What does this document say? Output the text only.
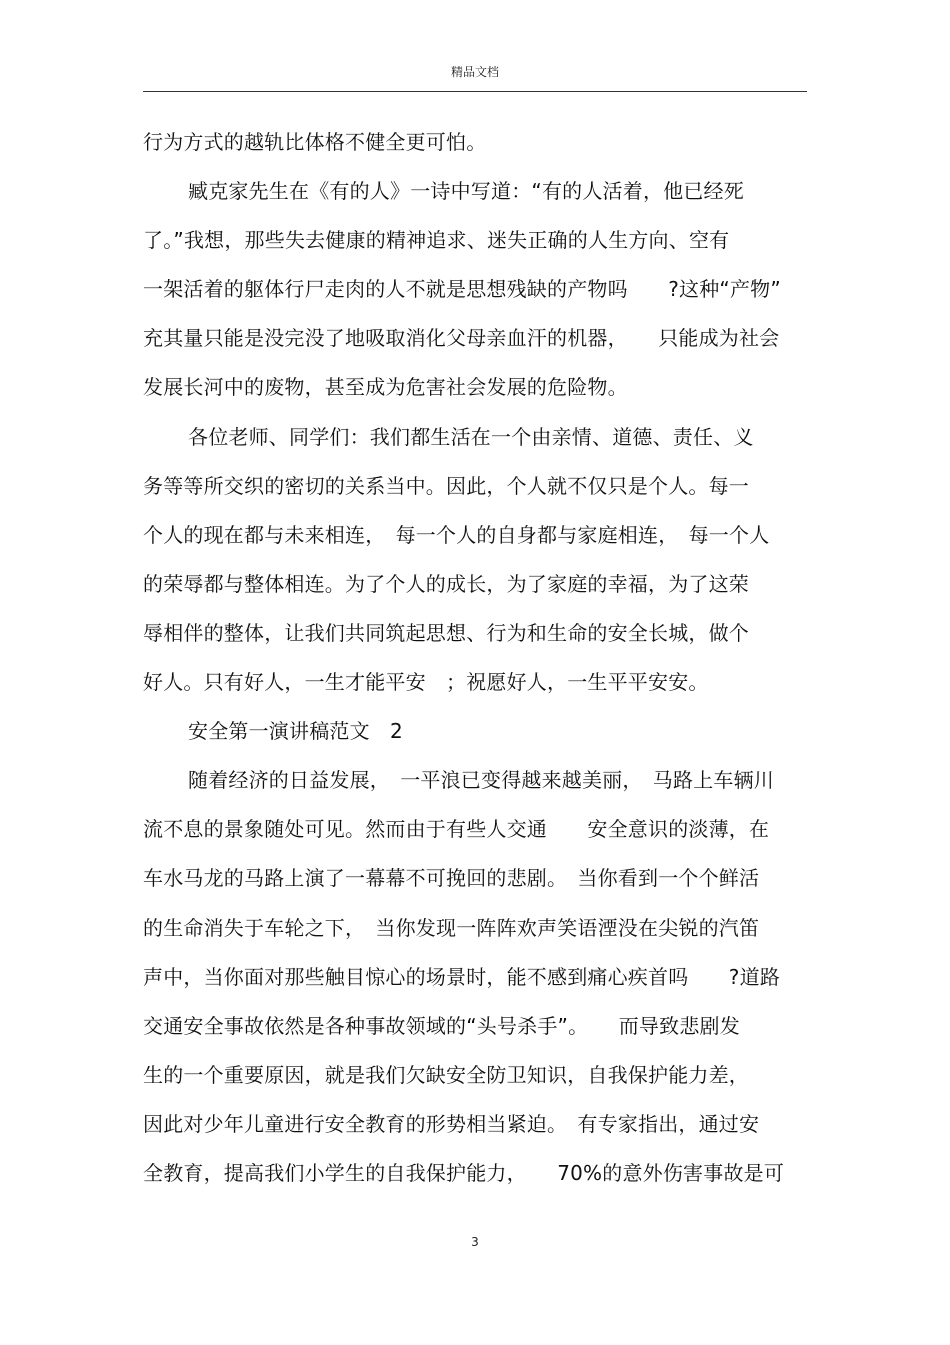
精品文档
行为方式的越轨比体格不健全更可怕。
臧克家先生在《有的人》一诗中写道：“有的人活着，他已经死
了。”我想，那些失去健康的精神追求、迷失正确的人生方向、空有
一架活着的躯体行尸走肉的人不就是思想残缺的产物吗　　?这种“产物”
充其量只能是没完没了地吸取消化父母亲血汗的机器，　　只能成为社会
发展长河中的废物，甚至成为危害社会发展的危险物。
各位老师、同学们：我们都生活在一个由亲情、道德、责任、义
务等等所交织的密切的关系当中。因此，个人就不仅只是个人。每一
个人的现在都与未来相连，　每一个人的自身都与家庭相连，　每一个人
的荣辱都与整体相连。为了个人的成长，为了家庭的幸福，为了这荣
辱相伴的整体，让我们共同筑起思想、行为和生命的安全长城，做个
好人。只有好人，一生才能平安　；祝愿好人，一生平平安安。
安全第一演讲稿范文　2
随着经济的日益发展，　一平浪已变得越来越美丽，　马路上车辆川
流不息的景象随处可见。然而由于有些人交通　　安全意识的淡薄，在
车水马龙的马路上演了一幕幕不可挽回的悲剧。　当你看到一个个鲜活
的生命消失于车轮之下，　当你发现一阵阵欢声笑语湮没在尖锐的汽笛
声中，当你面对那些触目惊心的场景时，能不感到痛心疾首吗　　?道路
交通安全事故依然是各种事故领域的“头号杀手”。　　而导致悲剧发
生的一个重要原因，就是我们欠缺安全防卫知识，自我保护能力差，
因此对少年儿童进行安全教育的形势相当紧迫。　有专家指出，通过安
全教育，提高我们小学生的自我保护能力，　　70%的意外伤害事故是可
3
